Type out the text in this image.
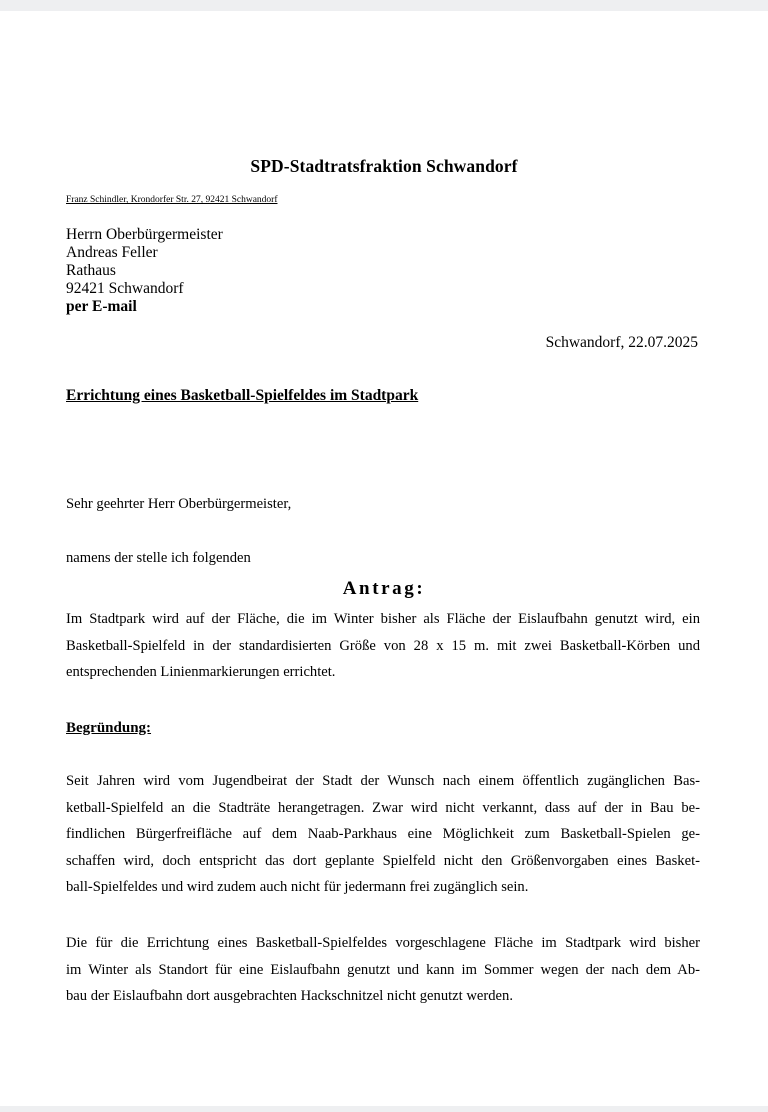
SPD-Stadtratsfraktion Schwandorf
Franz Schindler, Krondorfer Str. 27, 92421 Schwandorf
Herrn Oberbürgermeister
Andreas Feller
Rathaus
92421 Schwandorf
per E-mail
Schwandorf, 22.07.2025
Errichtung eines Basketball-Spielfeldes im Stadtpark
Sehr geehrter Herr Oberbürgermeister,
namens der stelle ich folgenden
Antrag:
Im Stadtpark wird auf der Fläche, die im Winter bisher als Fläche der Eislaufbahn genutzt wird, ein
Basketball-Spielfeld in der standardisierten Größe von 28 x 15 m. mit zwei Basketball-Körben und
entsprechenden Linienmarkierungen errichtet.
Begründung:
Seit Jahren wird vom Jugendbeirat der Stadt der Wunsch nach einem öffentlich zugänglichen Bas-
ketball-Spielfeld an die Stadträte herangetragen. Zwar wird nicht verkannt, dass auf der in Bau be-
findlichen Bürgerfreifläche auf dem Naab-Parkhaus eine Möglichkeit zum Basketball-Spielen ge-
schaffen wird, doch entspricht das dort geplante Spielfeld nicht den Größenvorgaben eines Basket-
ball-Spielfeldes und wird zudem auch nicht für jedermann frei zugänglich sein.
Die für die Errichtung eines Basketball-Spielfeldes vorgeschlagene Fläche im Stadtpark wird bisher
im Winter als Standort für eine Eislaufbahn genutzt und kann im Sommer wegen der nach dem Ab-
bau der Eislaufbahn dort ausgebrachten Hackschnitzel nicht genutzt werden.
